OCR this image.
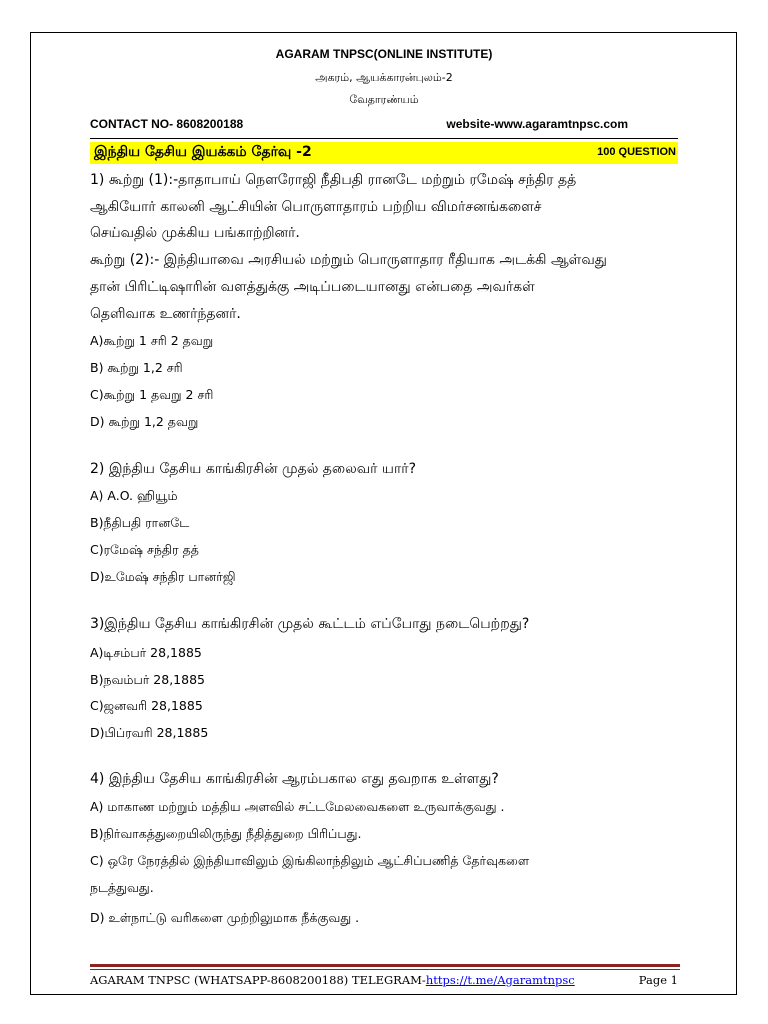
AGARAM TNPSC(ONLINE INSTITUTE)
அகரம், ஆயக்காரன்புலம்-2
வேதாரண்யம்
CONTACT NO- 8608200188	website-www.agaramtnpsc.com
இந்திய தேசிய இயக்கம் தேர்வு -2	100 QUESTION
1) கூற்று (1):-தாதாபாய் நௌரோஜி நீதிபதி ரானடே மற்றும் ரமேஷ் சந்திர தத்
ஆகியோர் காலனி ஆட்சியின் பொருளாதாரம் பற்றிய விமர்சனங்களைச்
செய்வதில் முக்கிய பங்காற்றினர்.
கூற்று (2):- இந்தியாவை அரசியல் மற்றும் பொருளாதார ரீதியாக அடக்கி ஆள்வது
தான் பிரிட்டிஷாரின் வளத்துக்கு அடிப்படையானது என்பதை அவர்கள்
தெளிவாக உணர்ந்தனர்.
A)கூற்று 1 சரி 2 தவறு
B) கூற்று 1,2 சரி
C)கூற்று 1 தவறு 2 சரி
D) கூற்று 1,2 தவறு
2) இந்திய தேசிய காங்கிரசின் முதல் தலைவர் யார்?
A) A.O. ஹியூம்
B)நீதிபதி ரானடே
C)ரமேஷ் சந்திர தத்
D)உமேஷ் சந்திர பானர்ஜி
3)இந்திய தேசிய காங்கிரசின் முதல் கூட்டம் எப்போது நடைபெற்றது?
A)டிசம்பர் 28,1885
B)நவம்பர் 28,1885
C)ஜனவரி 28,1885
D)பிப்ரவரி 28,1885
4) இந்திய தேசிய காங்கிரசின் ஆரம்பகால எது தவறாக உள்ளது?
A) மாகாண மற்றும் மத்திய அளவில் சட்டமேலவைகளை உருவாக்குவது .
B)நிர்வாகத்துறையிலிருந்து நீதித்துறை பிரிப்பது.
C) ஒரே நேரத்தில் இந்தியாவிலும் இங்கிலாந்திலும் ஆட்சிப்பணித் தேர்வுகளை
நடத்துவது.
D) உள்நாட்டு வரிகளை முற்றிலுமாக நீக்குவது .
AGARAM TNPSC (WHATSAPP-8608200188) TELEGRAM-https://t.me/Agaramtnpsc	Page 1
